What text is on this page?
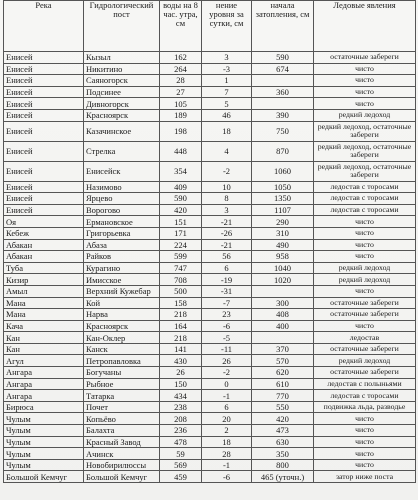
Река	Гидрологический пост	воды на 8 час. утра, см	нение уровня за сутки, см	начала затопления, см	Ледовые явления
Енисей	Кызыл	162	3	590	остаточные забереги
Енисей	Никитино	264	-3	674	чисто
Енисей	Саяногорск	28	1		чисто
Енисей	Подсинее	27	7	360	чисто
Енисей	Дивногорск	105	5		чисто
Енисей	Красноярск	189	46	390	редкий ледоход
Енисей	Казачинское	198	18	750	редкий ледоход, остаточные забереги
Енисей	Стрелка	448	4	870	редкий ледоход, остаточные забереги
Енисей	Енисейск	354	-2	1060	редкий ледоход, остаточные забереги
Енисей	Назимово	409	10	1050	ледостав с торосами
Енисей	Ярцево	590	8	1350	ледостав с торосами
Енисей	Ворогово	420	3	1107	ледостав с торосами
Оя	Ермановское	151	-21	290	чисто
Кебеж	Григорьевка	171	-26	310	чисто
Абакан	Абаза	224	-21	490	чисто
Абакан	Райков	599	56	958	чисто
Туба	Курагино	747	6	1040	редкий ледоход
Кизир	Имисское	708	-19	1020	редкий ледоход
Амыл	Верхний Кужебар	500	-31		чисто
Мана	Кой	158	-7	300	остаточные забереги
Мана	Нарва	218	23	408	остаточные забереги
Кача	Красноярск	164	-6	400	чисто
Кан	Кан-Оклер	218	-5		ледостав
Кан	Канск	141	-11	370	остаточные забереги
Агул	Петропавловка	430	26	570	редкий ледоход
Ангара	Богучаны	26	-2	620	остаточные забереги
Ангара	Рыбное	150	0	610	ледостав с полыньями
Ангара	Татарка	434	-1	770	ледостав с торосами
Бирюса	Почет	238	6	550	подвижка льда, разводье
Чулым	Копьёво	208	20	420	чисто
Чулым	Балахта	236	2	473	чисто
Чулым	Красный Завод	478	18	630	чисто
Чулым	Ачинск	59	28	350	чисто
Чулым	Новобирилюссы	569	-1	800	чисто
Большой Кемчуг	Большой Кемчуг	459	-6	465 (уточн.)	затор ниже поста
